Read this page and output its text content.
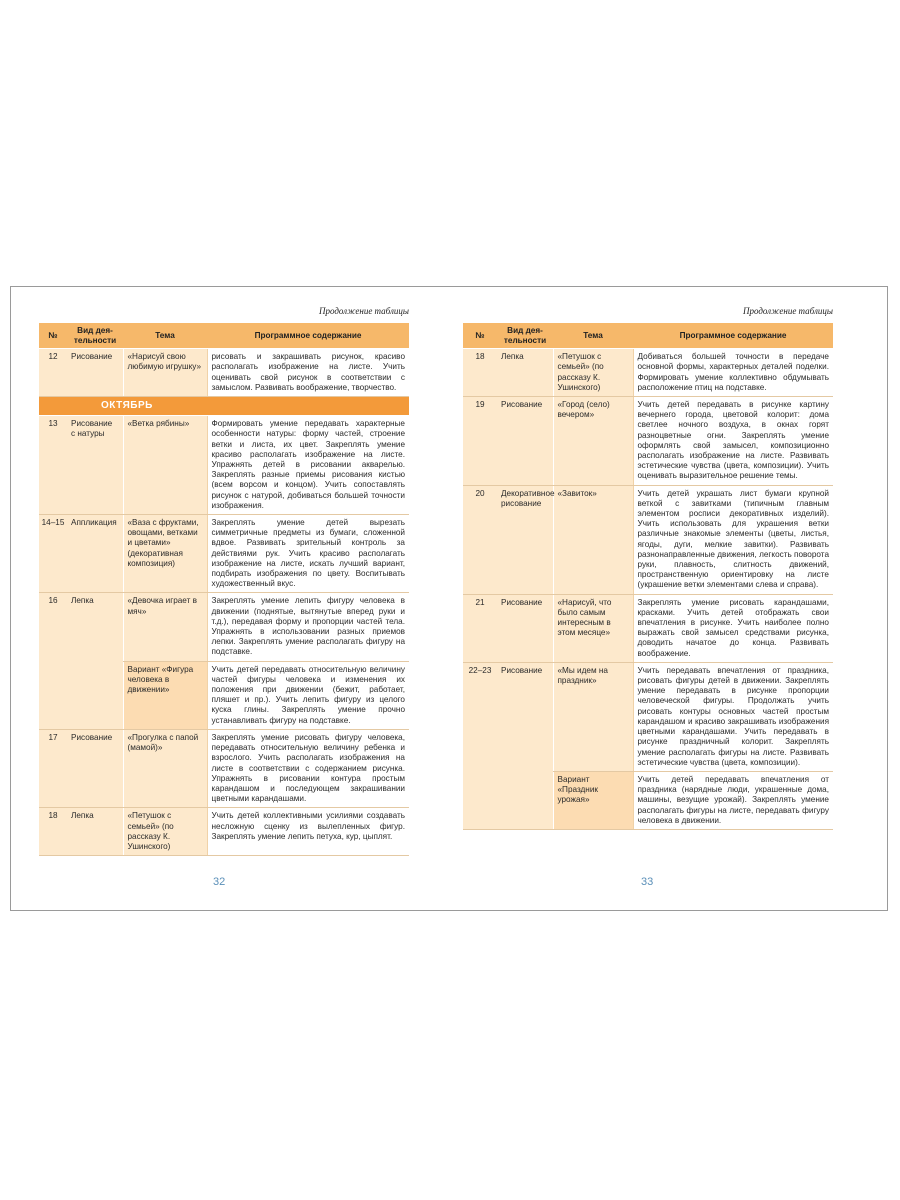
Продолжение таблицы
№	Вид дея-тельности	Тема	Программное содержание
12	Рисование	«Нарисуй свою любимую игрушку»	рисовать и закрашивать рисунок, красиво располагать изображение на листе. Учить оценивать свой рисунок в соответствии с замыслом. Развивать воображение, творчество.
ОКТЯБРЬ			
13	Рисование с натуры	«Ветка рябины»	Формировать умение передавать характерные особенности натуры: форму частей, строение ветки и листа, их цвет. Закреплять умение красиво располагать изображение на листе. Упражнять детей в рисовании акварелью. Закреплять разные приемы рисования кистью (всем ворсом и концом). Учить сопоставлять рисунок с натурой, добиваться большей точности изображения.
14–15	Аппликация	«Ваза с фруктами, овощами, ветками и цветами» (декоративная композиция)	Закреплять умение детей вырезать симметричные предметы из бумаги, сложенной вдвое. Развивать зрительный контроль за действиями рук. Учить красиво располагать изображение на листе, искать лучший вариант, подбирать изображения по цвету. Воспитывать художественный вкус.
16	Лепка	«Девочка играет в мяч»	Закреплять умение лепить фигуру человека в движении (поднятые, вытянутые вперед руки и т.д.), передавая форму и пропорции частей тела. Упражнять в использовании разных приемов лепки. Закреплять умение располагать фигуру на подставке.
		Вариант «Фигура человека в движении»	Учить детей передавать относительную величину частей фигуры человека и изменения их положения при движении (бежит, работает, пляшет и пр.). Учить лепить фигуру из целого куска глины. Закреплять умение прочно устанавливать фигуру на подставке.
17	Рисование	«Прогулка с папой (мамой)»	Закреплять умение рисовать фигуру человека, передавать относительную величину ребенка и взрослого. Учить располагать изображения на листе в соответствии с содержанием рисунка. Упражнять в рисовании контура простым карандашом и последующем закрашивании цветными карандашами.
18	Лепка	«Петушок с семьей» (по рассказу К. Ушинского)	Учить детей коллективными усилиями создавать несложную сценку из вылепленных фигур. Закреплять умение лепить петуха, кур, цыплят.
32
Продолжение таблицы
№	Вид дея-тельности	Тема	Программное содержание
18	Лепка	«Петушок с семьей» (по рассказу К. Ушинского)	Добиваться большей точности в передаче основной формы, характерных деталей поделки. Формировать умение коллективно обдумывать расположение птиц на подставке.
19	Рисование	«Город (село) вечером»	Учить детей передавать в рисунке картину вечернего города, цветовой колорит: дома светлее ночного воздуха, в окнах горят разноцветные огни. Закреплять умение оформлять свой замысел, композиционно располагать изображение на листе. Развивать эстетические чувства (цвета, композиции). Учить оценивать выразительное решение темы.
20	Декоративное рисование	«Завиток»	Учить детей украшать лист бумаги крупной веткой с завитками (типичным главным элементом росписи декоративных изделий). Учить использовать для украшения ветки различные знакомые элементы (цветы, листья, ягоды, дуги, мелкие завитки). Развивать разнонаправленные движения, легкость поворота руки, плавность, слитность движений, пространственную ориентировку на листе (украшение ветки элементами слева и справа).
21	Рисование	«Нарисуй, что было самым интересным в этом месяце»	Закреплять умение рисовать карандашами, красками. Учить детей отображать свои впечатления в рисунке. Учить наиболее полно выражать свой замысел средствами рисунка, доводить начатое до конца. Развивать воображение.
22–23	Рисование	«Мы идем на праздник»	Учить передавать впечатления от праздника, рисовать фигуры детей в движении. Закреплять умение передавать в рисунке пропорции человеческой фигуры. Продолжать учить рисовать контуры основных частей простым карандашом и красиво закрашивать изображения цветными карандашами. Учить передавать в рисунке праздничный колорит. Закреплять умение располагать фигуры на листе. Развивать эстетические чувства (цвета, композиции).
		Вариант «Праздник урожая»	Учить детей передавать впечатления от праздника (нарядные люди, украшенные дома, машины, везущие урожай). Закреплять умение располагать фигуры на листе, передавать фигуру человека в движении.
33
